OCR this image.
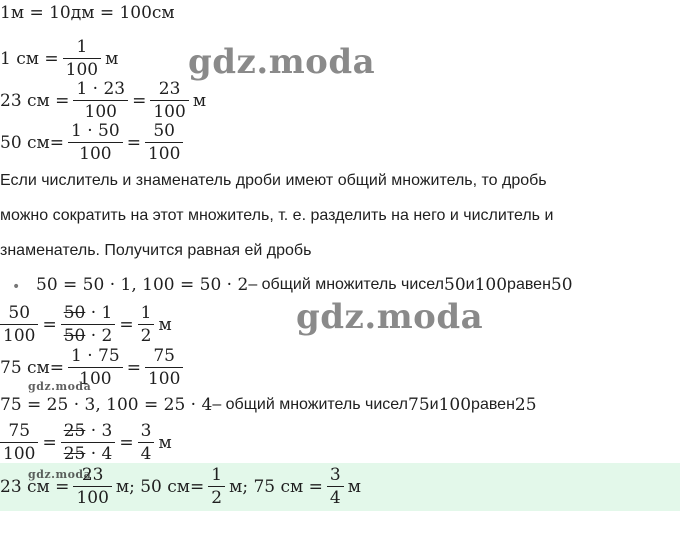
1м = 10дм = 100см
1 см = $\frac{1}{100}$ м
23 см = $\frac{1 \cdot 23}{100} = \frac{23}{100}$ м
50 $см= \frac{1 \cdot 50}{100} = \frac{50}{100}$
Если числитель и знаменатель дроби имеют общий множитель, то дробь
можно сократить на этот множитель, т. е. разделить на него и числитель и
знаменатель. Получится равная ей дробь
• 50 = 50 · 1, 100 = 50 · 2 – общий множитель чисел 50 и 100 равен 50
$\frac{50}{100} = \frac{50 \cdot 1}{50 \cdot 2} = \frac{1}{2}$ м
75 $см= \frac{1 \cdot 75}{100} = \frac{75}{100}$
75 = 25 · 3, 100 = 25 · 4 – общий множитель чисел 75 и 100 равен 25
$\frac{75}{100} = \frac{25 \cdot 3}{25 \cdot 4} = \frac{3}{4}$ м
23 см = $\frac{23}{100} м$; 50 $см= \frac{1}{2} м$; 75 см = $\frac{3}{4}$ м
gdz.moda
gdz.moda
gdz.moda
gdz.moda
